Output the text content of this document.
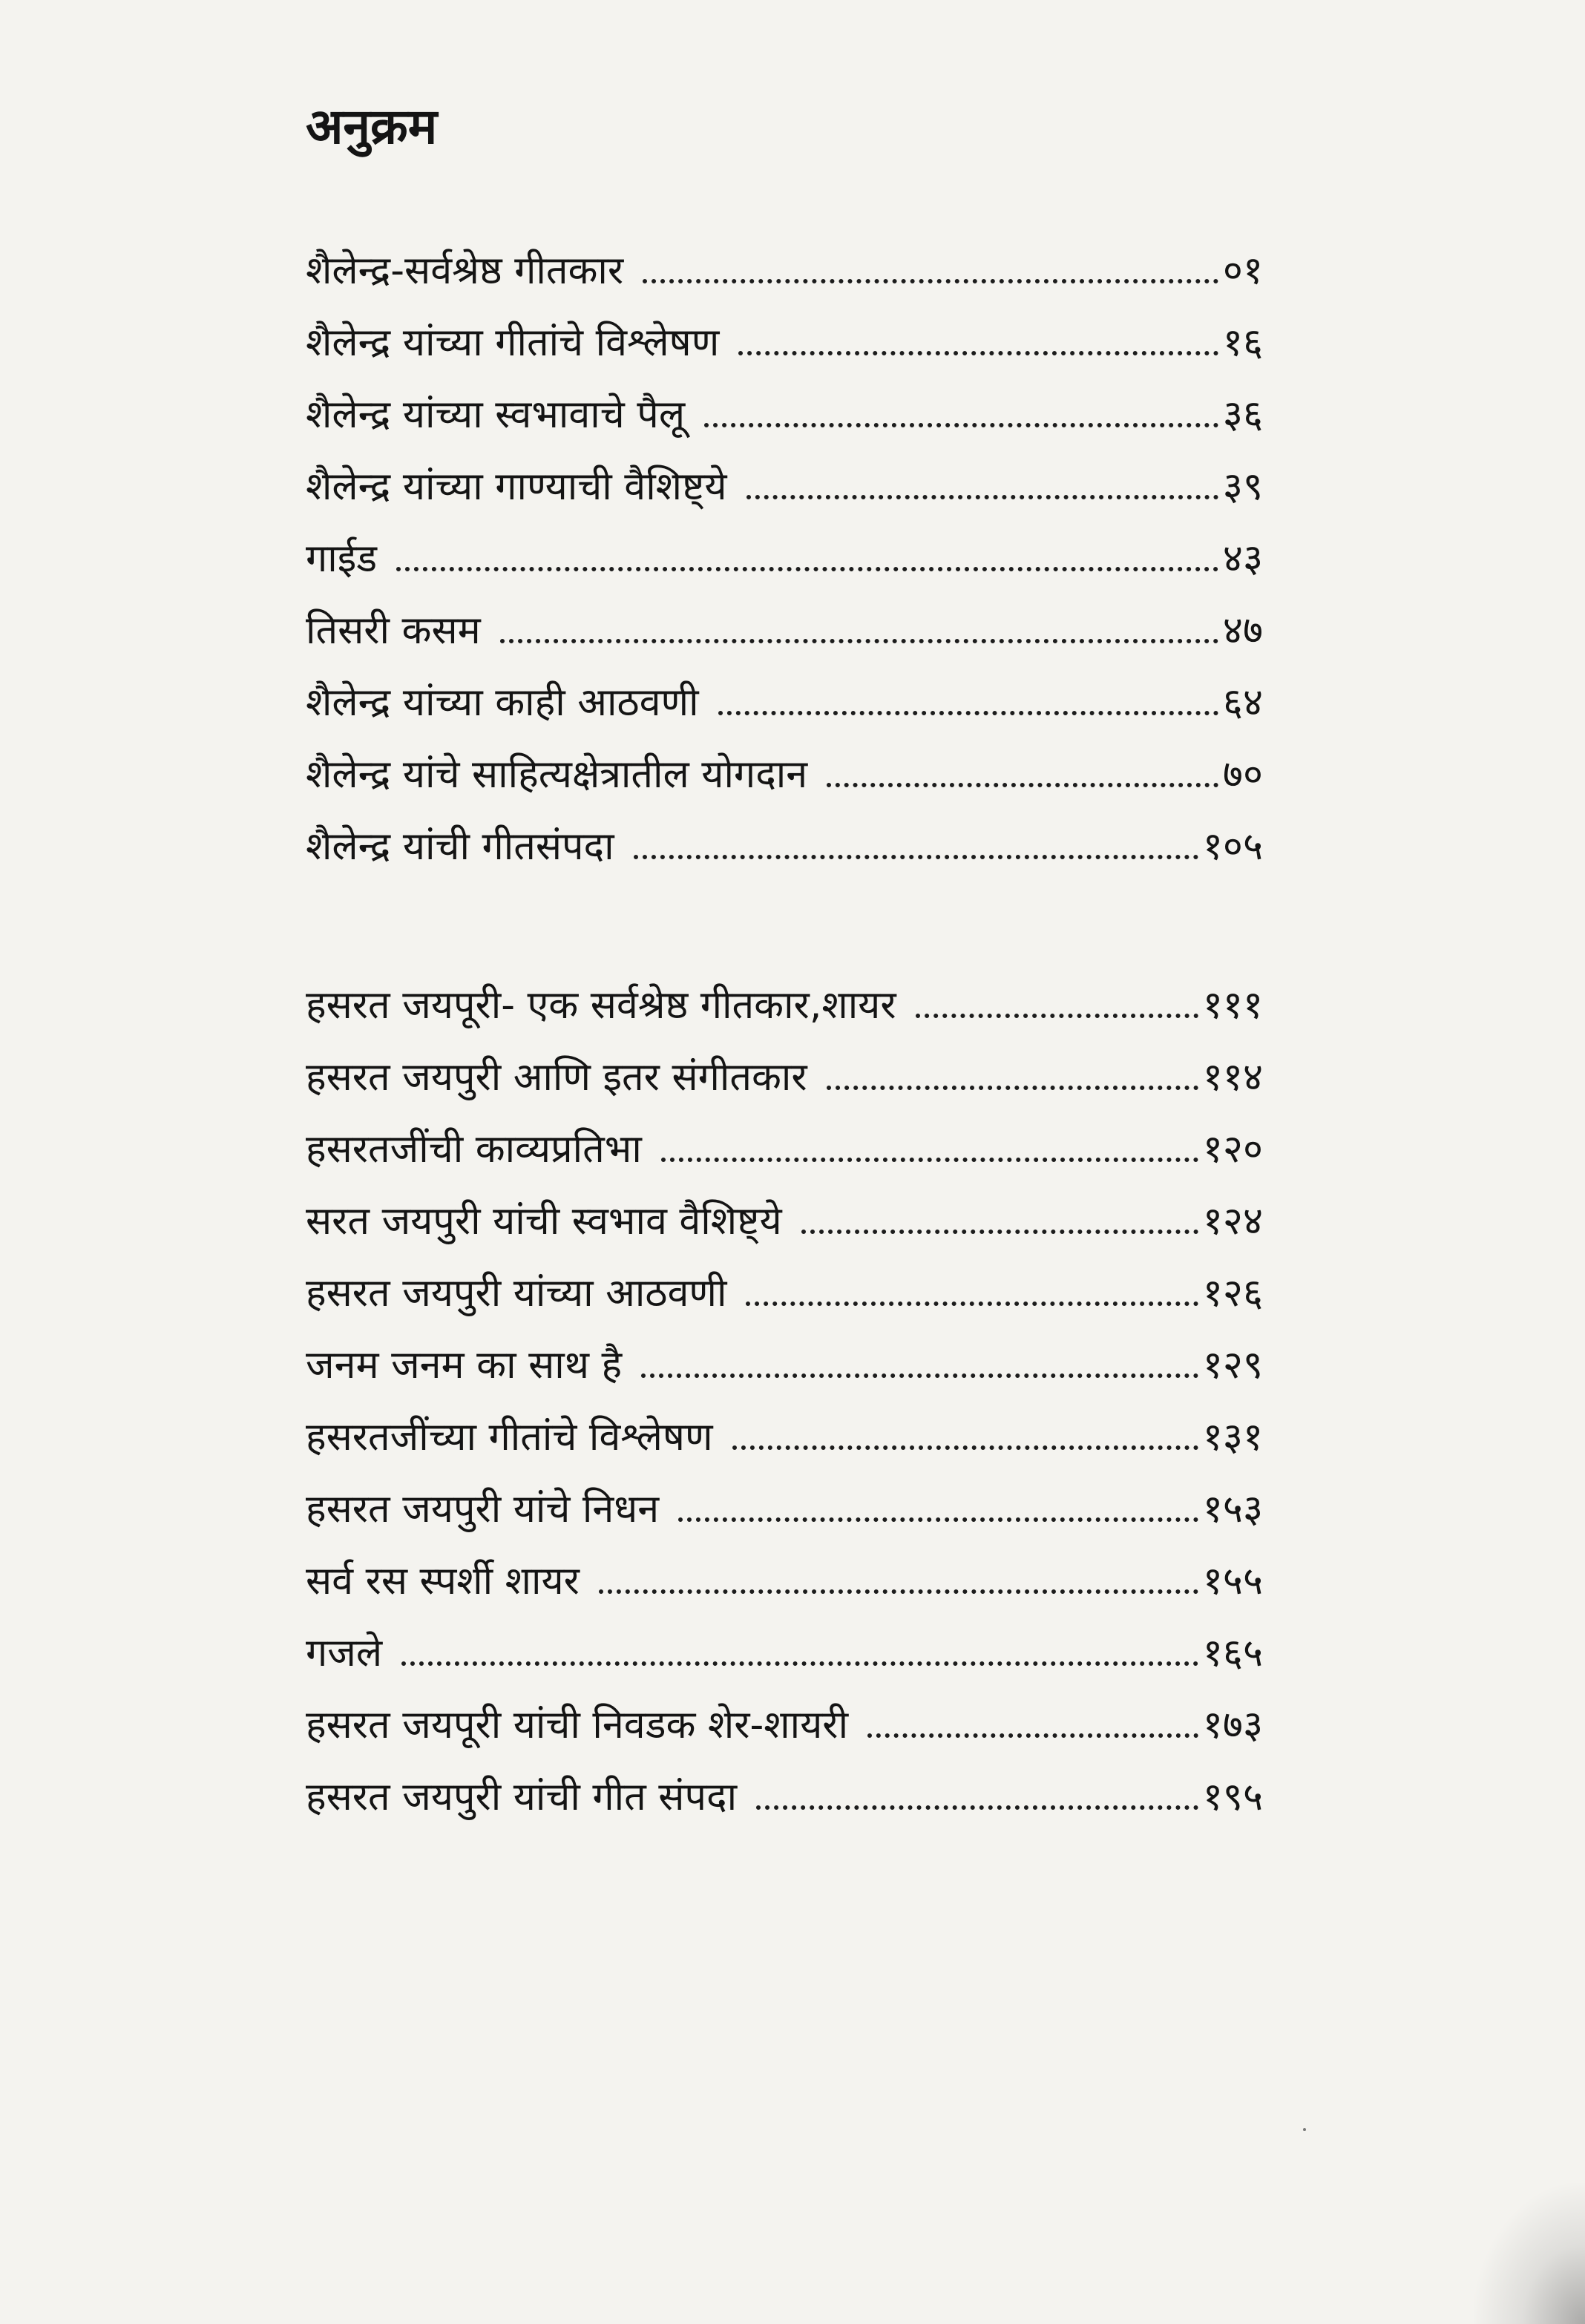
अनुक्रम
शैलेन्द्र-सर्वश्रेष्ठ गीतकार	०१
शैलेन्द्र यांच्या गीतांचे विश्लेषण	१६
शैलेन्द्र यांच्या स्वभावाचे पैलू	३६
शैलेन्द्र यांच्या गाण्याची वैशिष्ट्ये	३९
गाईड	४३
तिसरी कसम	४७
शैलेन्द्र यांच्या काही आठवणी	६४
शैलेन्द्र यांचे साहित्यक्षेत्रातील योगदान	७०
शैलेन्द्र यांची गीतसंपदा	१०५
हसरत जयपूरी- एक सर्वश्रेष्ठ गीतकार,शायर	१११
हसरत जयपुरी आणि इतर संगीतकार	११४
हसरतजींची काव्यप्रतिभा	१२०
सरत जयपुरी यांची स्वभाव वैशिष्ट्ये	१२४
हसरत जयपुरी यांच्या आठवणी	१२६
जनम जनम का साथ है	१२९
हसरतजींच्या गीतांचे विश्लेषण	१३१
हसरत जयपुरी यांचे निधन	१५३
सर्व रस स्पर्शी शायर	१५५
गजले	१६५
हसरत जयपूरी यांची निवडक शेर-शायरी	१७३
हसरत जयपुरी यांची गीत संपदा	१९५
